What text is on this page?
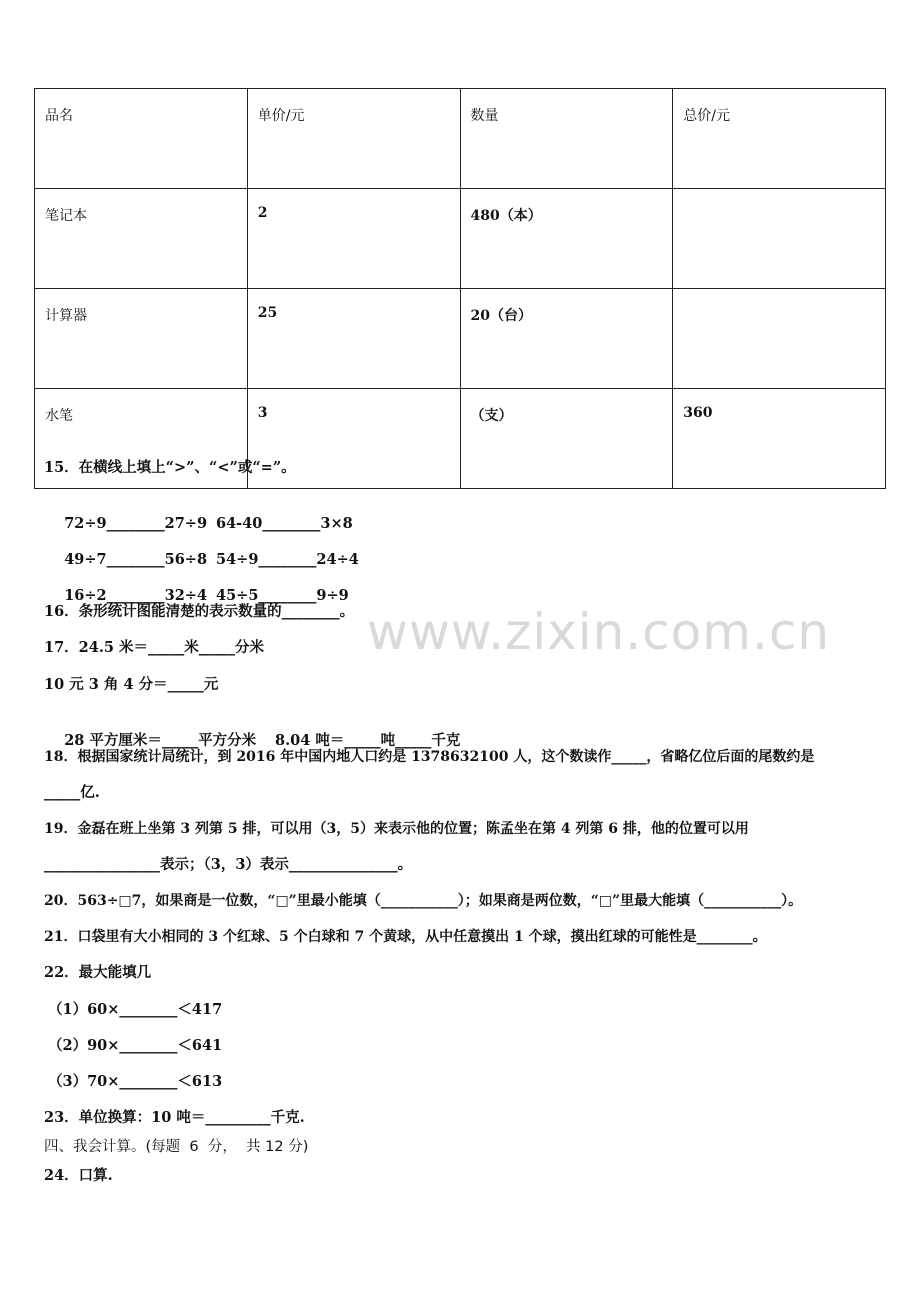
品名	单价/元	数量	总价/元
笔记本	2	480（本）	
计算器	25	20（台）	
水笔	3	（支）	360
15．在横线上填上“>”、“<”或“=”。

72÷9________27÷9 64-40________3×8

49÷7________56÷8 54÷9________24÷4

16÷2________32÷4 45÷5________9÷9

16．条形统计图能清楚的表示数量的________。
17．24.5 米＝_____米_____分米
10 元 3 角 4 分＝_____元

28 平方厘米＝_____平方分米 8.04 吨＝_____吨_____千克

18．根据国家统计局统计，到 2016 年中国内地人口约是 1378632100 人，这个数读作_____，省略亿位后面的尾数约是
_____亿.
19．金磊在班上坐第 3 列第 5 排，可以用（3，5）来表示他的位置；陈孟坐在第 4 列第 6 排，他的位置可以用
________________表示；（3，3）表示_______________。
20．563÷□7，如果商是一位数，“□”里最小能填（___________）；如果商是两位数，“□”里最大能填（___________）。
21．口袋里有大小相同的 3 个红球、5 个白球和 7 个黄球，从中任意摸出 1 个球，摸出红球的可能性是________。
22．最大能填几
（1）60×________＜417
（2）90×________＜641
（3）70×________＜613
23．单位换算：10 吨＝_________千克.
四、我会计算。(每题  6  分，  共 12 分)
24．口算.
www.zixin.com.cn
